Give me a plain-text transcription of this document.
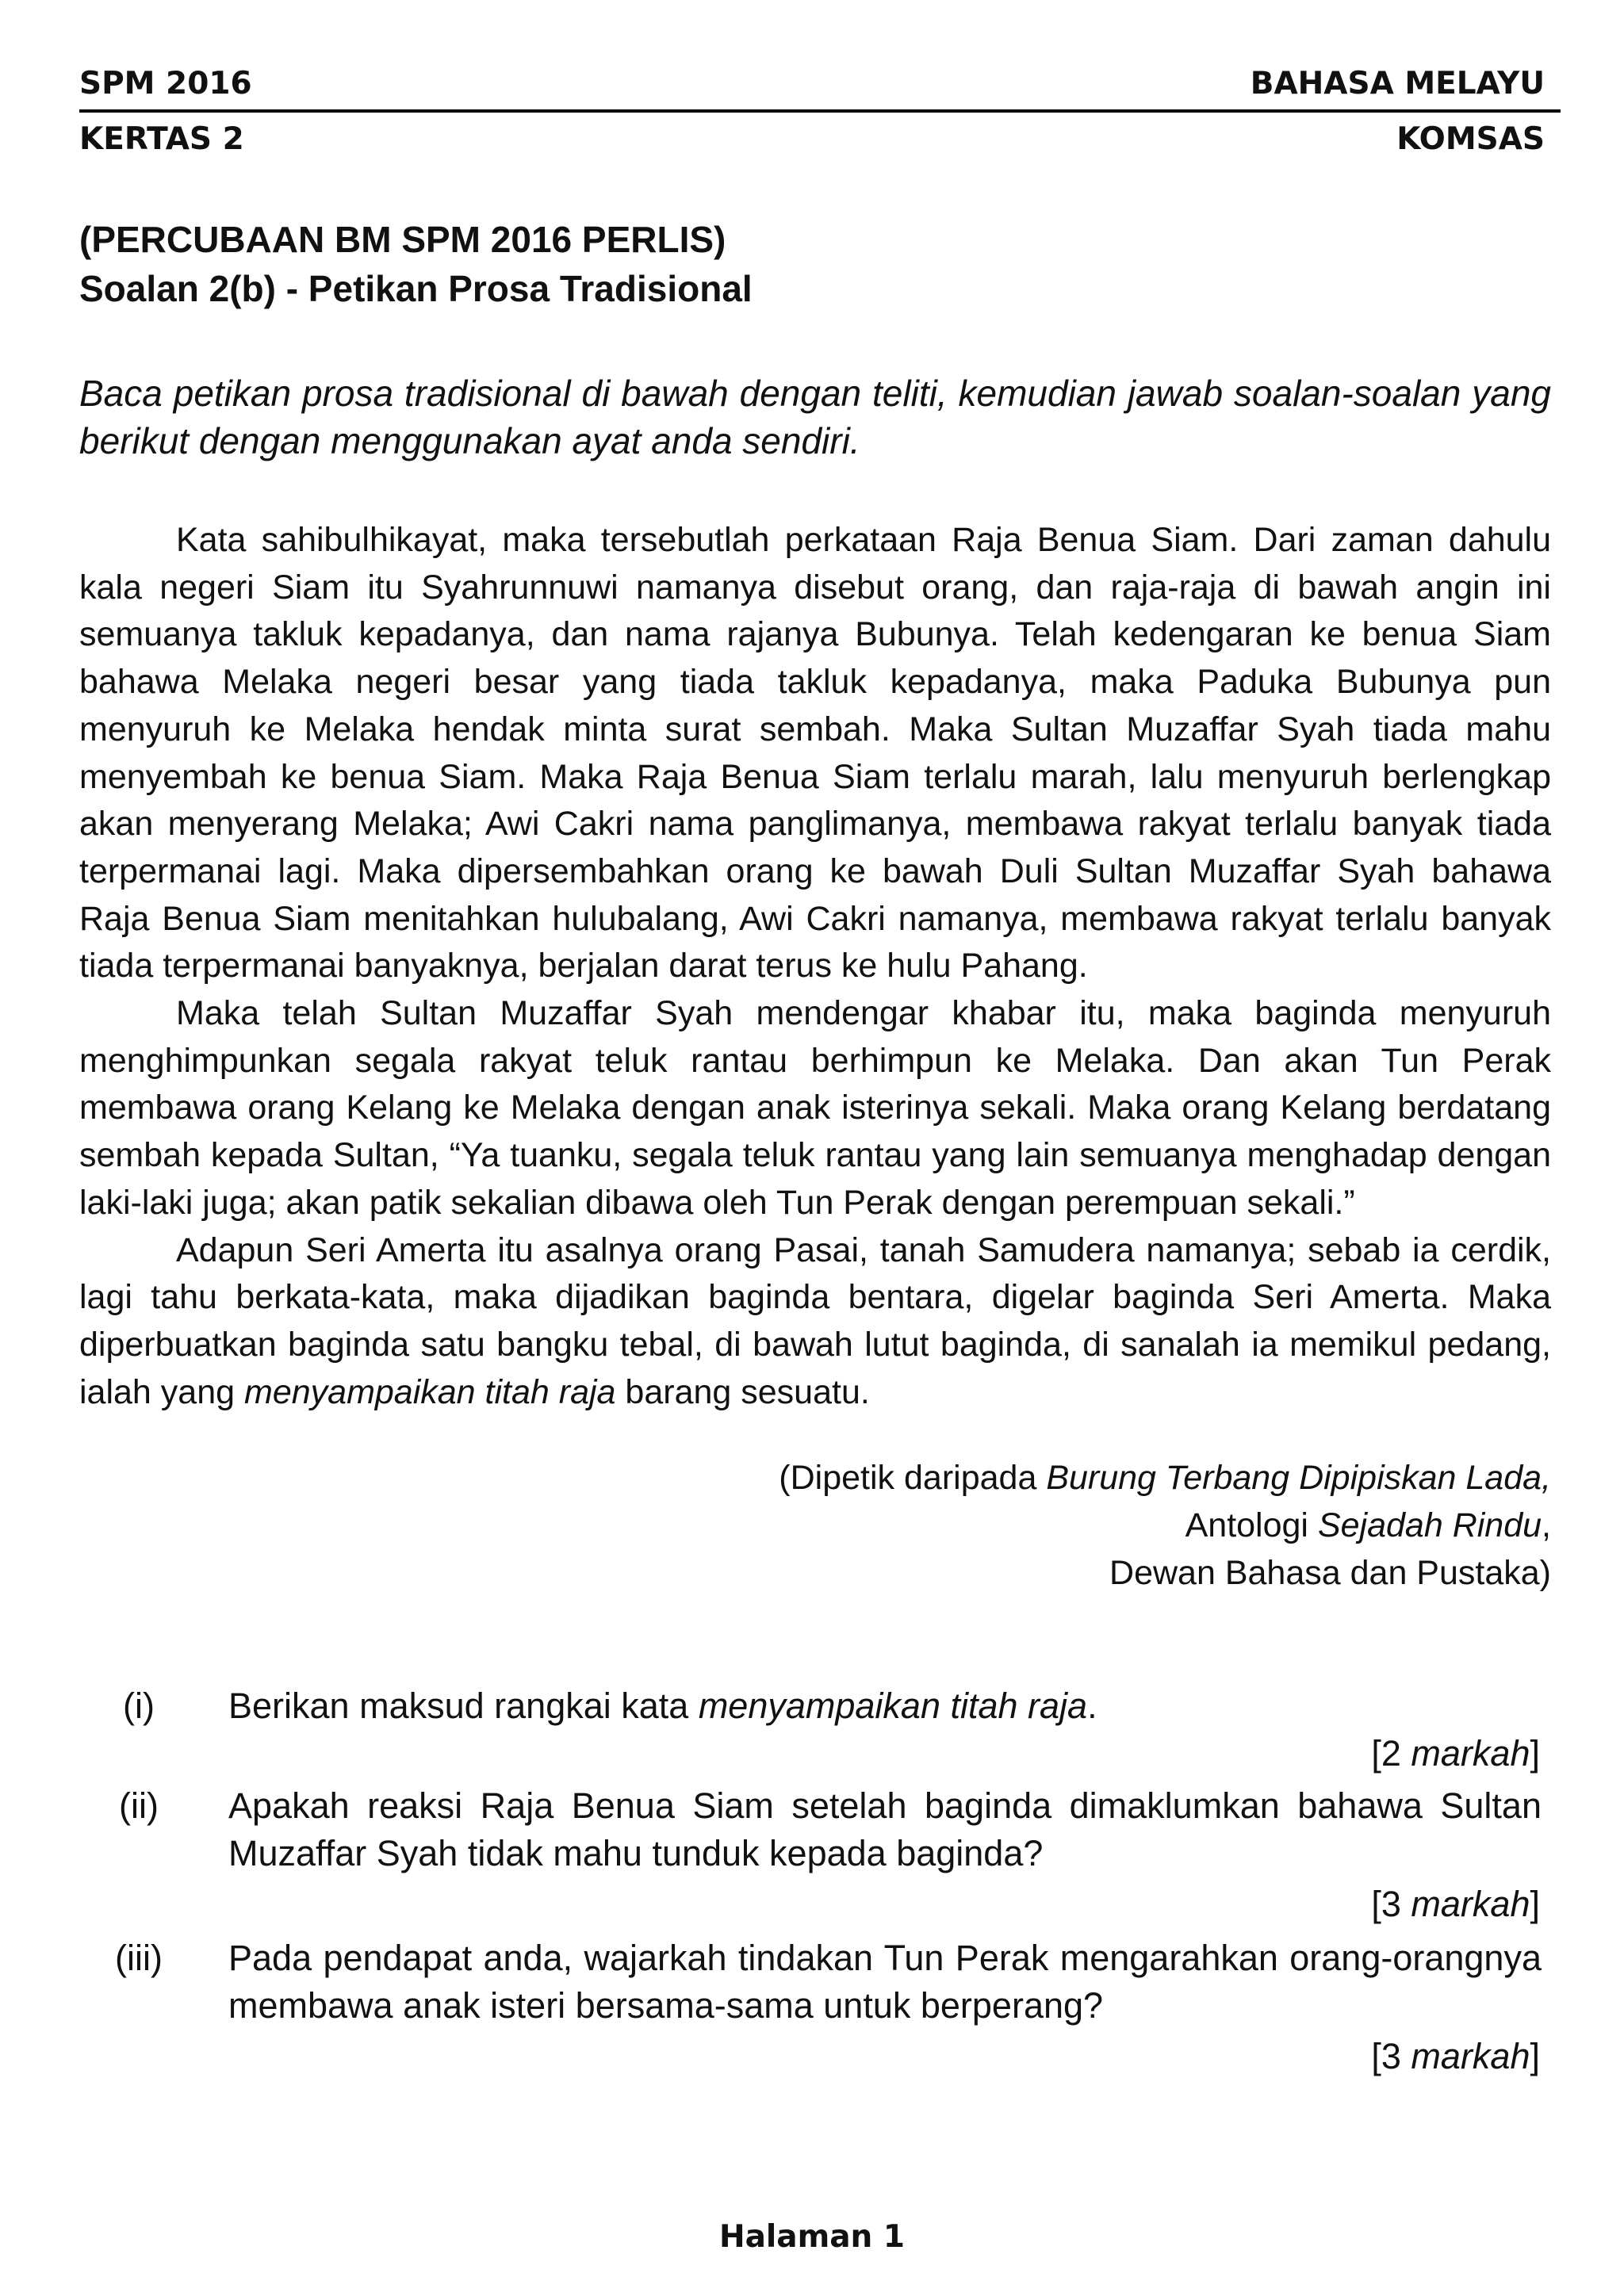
SPM 2016	BAHASA MELAYU
KERTAS 2	KOMSAS
(PERCUBAAN BM SPM 2016 PERLIS)
Soalan 2(b) - Petikan Prosa Tradisional
Baca petikan prosa tradisional di bawah dengan teliti, kemudian jawab soalan-soalan yang berikut dengan menggunakan ayat anda sendiri.

Kata sahibulhikayat, maka tersebutlah perkataan Raja Benua Siam. Dari zaman dahulu kala negeri Siam itu Syahrunnuwi namanya disebut orang, dan raja-raja di bawah angin ini semuanya takluk kepadanya, dan nama rajanya Bubunya. Telah kedengaran ke benua Siam bahawa Melaka negeri besar yang tiada takluk kepadanya, maka Paduka Bubunya pun menyuruh ke Melaka hendak minta surat sembah. Maka Sultan Muzaffar Syah tiada mahu menyembah ke benua Siam. Maka Raja Benua Siam terlalu marah, lalu menyuruh berlengkap akan menyerang Melaka; Awi Cakri nama panglimanya, membawa rakyat terlalu banyak tiada terpermanai lagi. Maka dipersembahkan orang ke bawah Duli Sultan Muzaffar Syah bahawa Raja Benua Siam menitahkan hulubalang, Awi Cakri namanya, membawa rakyat terlalu banyak tiada terpermanai banyaknya, berjalan darat terus ke hulu Pahang.

Maka telah Sultan Muzaffar Syah mendengar khabar itu, maka baginda menyuruh menghimpunkan segala rakyat teluk rantau berhimpun ke Melaka. Dan akan Tun Perak membawa orang Kelang ke Melaka dengan anak isterinya sekali. Maka orang Kelang berdatang sembah kepada Sultan, “Ya tuanku, segala teluk rantau yang lain semuanya menghadap dengan laki-laki juga; akan patik sekalian dibawa oleh Tun Perak dengan perempuan sekali.”

Adapun Seri Amerta itu asalnya orang Pasai, tanah Samudera namanya; sebab ia cerdik, lagi tahu berkata-kata, maka dijadikan baginda bentara, digelar baginda Seri Amerta. Maka diperbuatkan baginda satu bangku tebal, di bawah lutut baginda, di sanalah ia memikul pedang, ialah yang menyampaikan titah raja barang sesuatu.

(Dipetik daripada Burung Terbang Dipipiskan Lada,
Antologi Sejadah Rindu,
Dewan Bahasa dan Pustaka)
(i)	Berikan maksud rangkai kata menyampaikan titah raja.
[2 markah]
(ii) Apakah reaksi Raja Benua Siam setelah baginda dimaklumkan bahawa Sultan Muzaffar Syah tidak mahu tunduk kepada baginda?
[3 markah]
(iii) Pada pendapat anda, wajarkah tindakan Tun Perak mengarahkan orang-orangnya membawa anak isteri bersama-sama untuk berperang?
[3 markah]
Halaman 1
